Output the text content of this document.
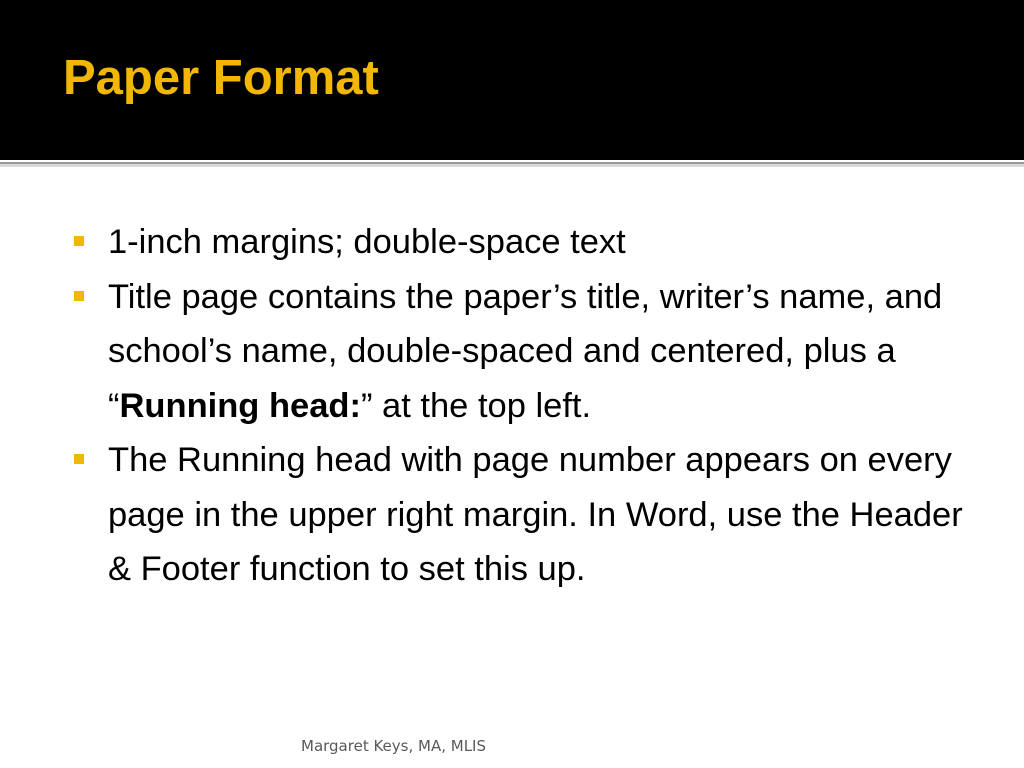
Paper Format
1-inch margins; double-space text
Title page contains the paper’s title, writer’s name, and school’s name, double-spaced and centered, plus a “Running head:” at the top left.
The Running head with page number appears on every page in the upper right margin. In Word, use the Header & Footer function to set this up.
Margaret Keys, MA, MLIS
